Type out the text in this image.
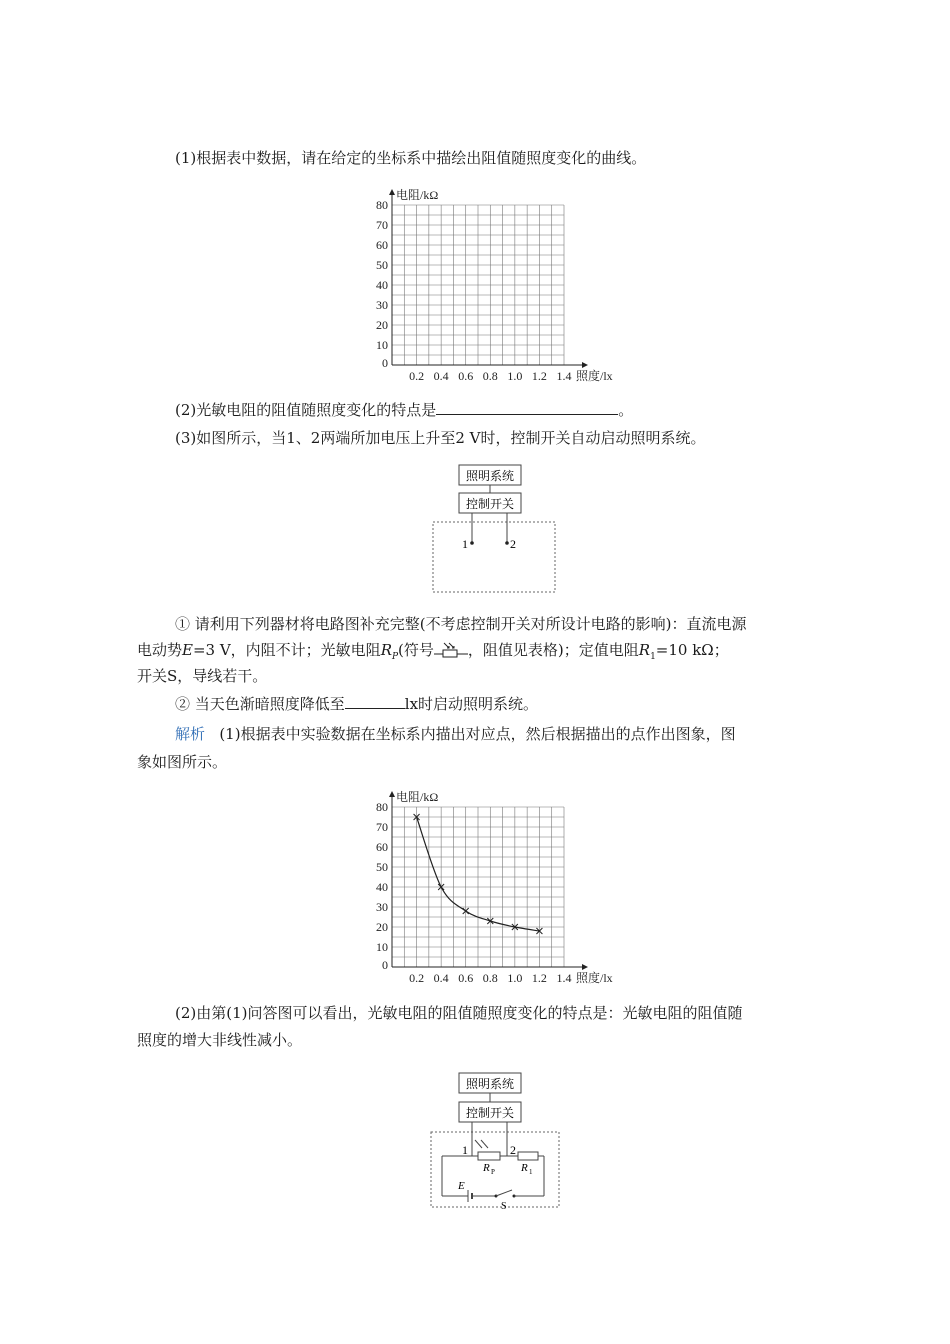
(1)根据表中数据，请在给定的坐标系中描绘出阻值随照度变化的曲线。
80
70
60
50
40
30
20
10
0
0.2 0.4 0.6 0.8 1.0 1.2 1.4
电阻/kΩ
照度/lx
(2)光敏电阻的阻值随照度变化的特点是	。
(3)如图所示，当1、2两端所加电压上升至2 V时，控制开关自动启动照明系统。
照明系统
控制开关
1	2
① 请利用下列器材将电路图补充完整(不考虑控制开关对所设计电路的影响)：直流电源
电动势E=3 V，内阻不计；光敏电阻$R_P$(符号 ，阻值见表格)；定值电阻$R_1=10$ kΩ；
开关S，导线若干。
② 当天色渐暗照度降低至	lx时启动照明系统。
解析 (1)根据表中实验数据在坐标系内描出对应点，然后根据描出的点作出图象，图
象如图所示。
80
70
60
50
40
30
20
10
0
0.2 0.4 0.6 0.8 1.0 1.2 1.4
电阻/kΩ
照度/lx
(2)由第(1)问答图可以看出，光敏电阻的阻值随照度变化的特点是：光敏电阻的阻值随
照度的增大非线性减小。
照明系统
控制开关
1	2
R P R 1
E
S
